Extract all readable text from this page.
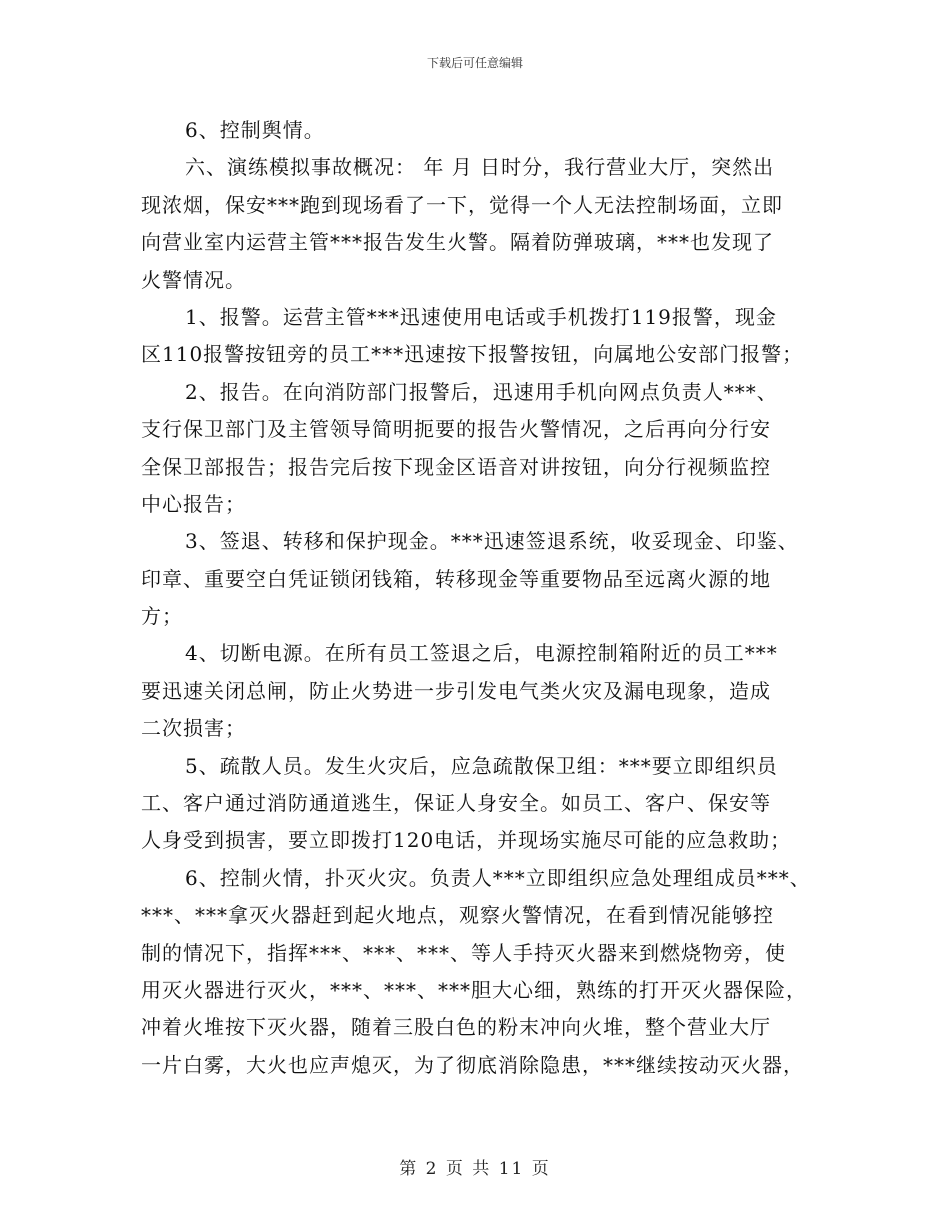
下载后可任意编辑
6、控制舆情。
六、演练模拟事故概况： 年 月 日时分，我行营业大厅，突然出
现浓烟，保安***跑到现场看了一下，觉得一个人无法控制场面，立即
向营业室内运营主管***报告发生火警。隔着防弹玻璃，***也发现了
火警情况。
1、报警。运营主管***迅速使用电话或手机拨打119报警，现金
区110报警按钮旁的员工***迅速按下报警按钮，向属地公安部门报警；
2、报告。在向消防部门报警后，迅速用手机向网点负责人***、
支行保卫部门及主管领导简明扼要的报告火警情况，之后再向分行安
全保卫部报告；报告完后按下现金区语音对讲按钮，向分行视频监控
中心报告；
3、签退、转移和保护现金。***迅速签退系统，收妥现金、印鉴、
印章、重要空白凭证锁闭钱箱，转移现金等重要物品至远离火源的地
方；
4、切断电源。在所有员工签退之后，电源控制箱附近的员工***
要迅速关闭总闸，防止火势进一步引发电气类火灾及漏电现象，造成
二次损害；
5、疏散人员。发生火灾后，应急疏散保卫组：***要立即组织员
工、客户通过消防通道逃生，保证人身安全。如员工、客户、保安等
人身受到损害，要立即拨打120电话，并现场实施尽可能的应急救助；
6、控制火情，扑灭火灾。负责人***立即组织应急处理组成员***、
***、***拿灭火器赶到起火地点，观察火警情况，在看到情况能够控
制的情况下，指挥***、***、***、等人手持灭火器来到燃烧物旁，使
用灭火器进行灭火，***、***、***胆大心细，熟练的打开灭火器保险，
冲着火堆按下灭火器，随着三股白色的粉末冲向火堆，整个营业大厅
一片白雾，大火也应声熄灭，为了彻底消除隐患，***继续按动灭火器，
第 2 页 共 11 页
